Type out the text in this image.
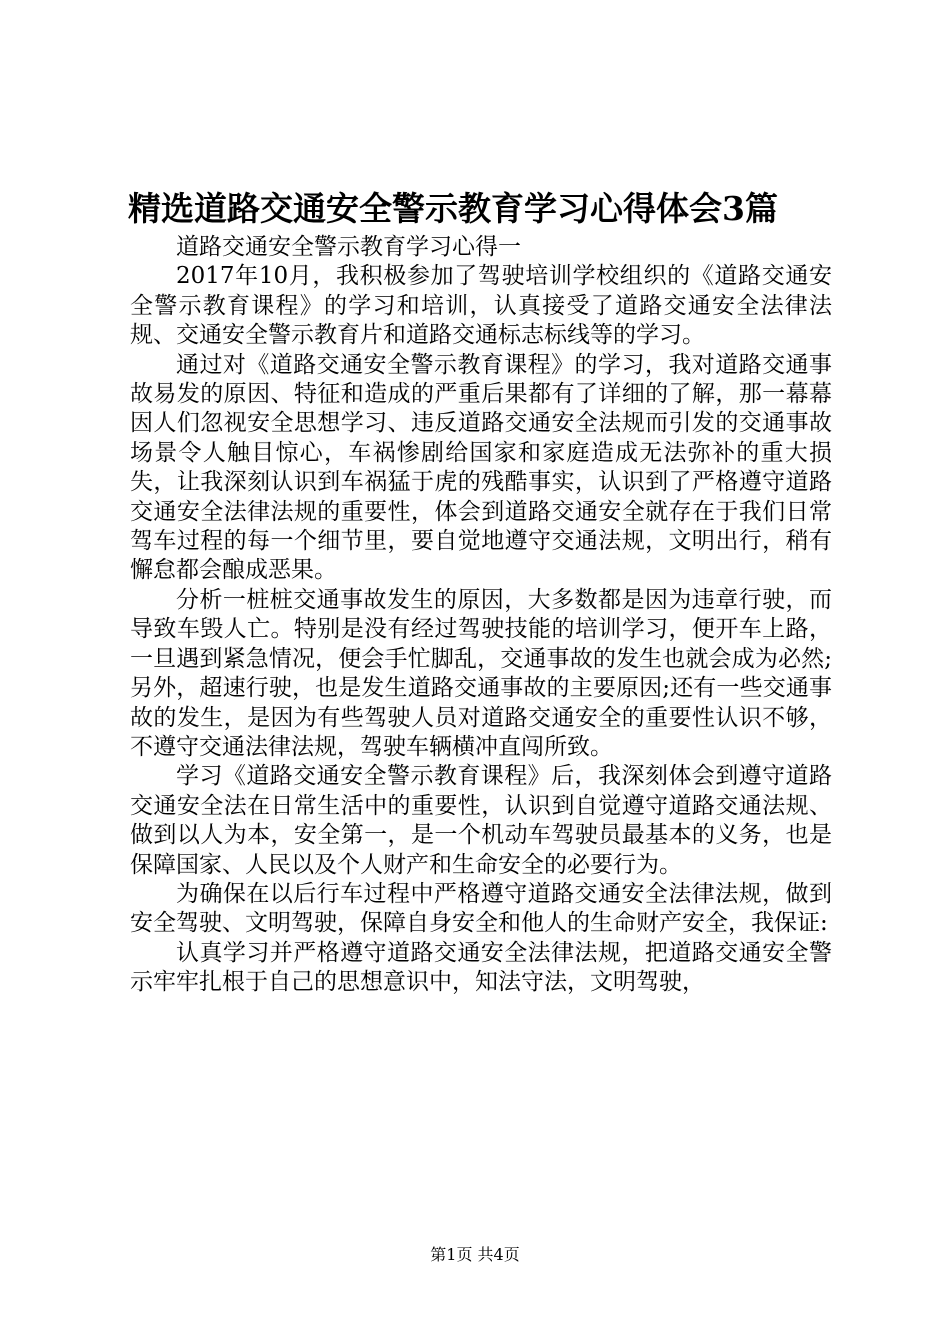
精选道路交通安全警示教育学习心得体会3篇

道路交通安全警示教育学习心得一

2017年10月，我积极参加了驾驶培训学校组织的《道路交通安全警示教育课程》的学习和培训，认真接受了道路交通安全法律法规、交通安全警示教育片和道路交通标志标线等的学习。

通过对《道路交通安全警示教育课程》的学习，我对道路交通事故易发的原因、特征和造成的严重后果都有了详细的了解，那一幕幕因人们忽视安全思想学习、违反道路交通安全法规而引发的交通事故场景令人触目惊心，车祸惨剧给国家和家庭造成无法弥补的重大损失，让我深刻认识到车祸猛于虎的残酷事实，认识到了严格遵守道路交通安全法律法规的重要性，体会到道路交通安全就存在于我们日常驾车过程的每一个细节里，要自觉地遵守交通法规，文明出行，稍有懈怠都会酿成恶果。

分析一桩桩交通事故发生的原因，大多数都是因为违章行驶，而导致车毁人亡。特别是没有经过驾驶技能的培训学习，便开车上路，一旦遇到紧急情况，便会手忙脚乱，交通事故的发生也就会成为必然;另外，超速行驶，也是发生道路交通事故的主要原因;还有一些交通事故的发生，是因为有些驾驶人员对道路交通安全的重要性认识不够，不遵守交通法律法规，驾驶车辆横冲直闯所致。

学习《道路交通安全警示教育课程》后，我深刻体会到遵守道路交通安全法在日常生活中的重要性，认识到自觉遵守道路交通法规、做到以人为本，安全第一，是一个机动车驾驶员最基本的义务，也是保障国家、人民以及个人财产和生命安全的必要行为。

为确保在以后行车过程中严格遵守道路交通安全法律法规，做到安全驾驶、文明驾驶，保障自身安全和他人的生命财产安全，我保证:

认真学习并严格遵守道路交通安全法律法规，把道路交通安全警示牢牢扎根于自己的思想意识中，知法守法，文明驾驶，

第1页 共4页
